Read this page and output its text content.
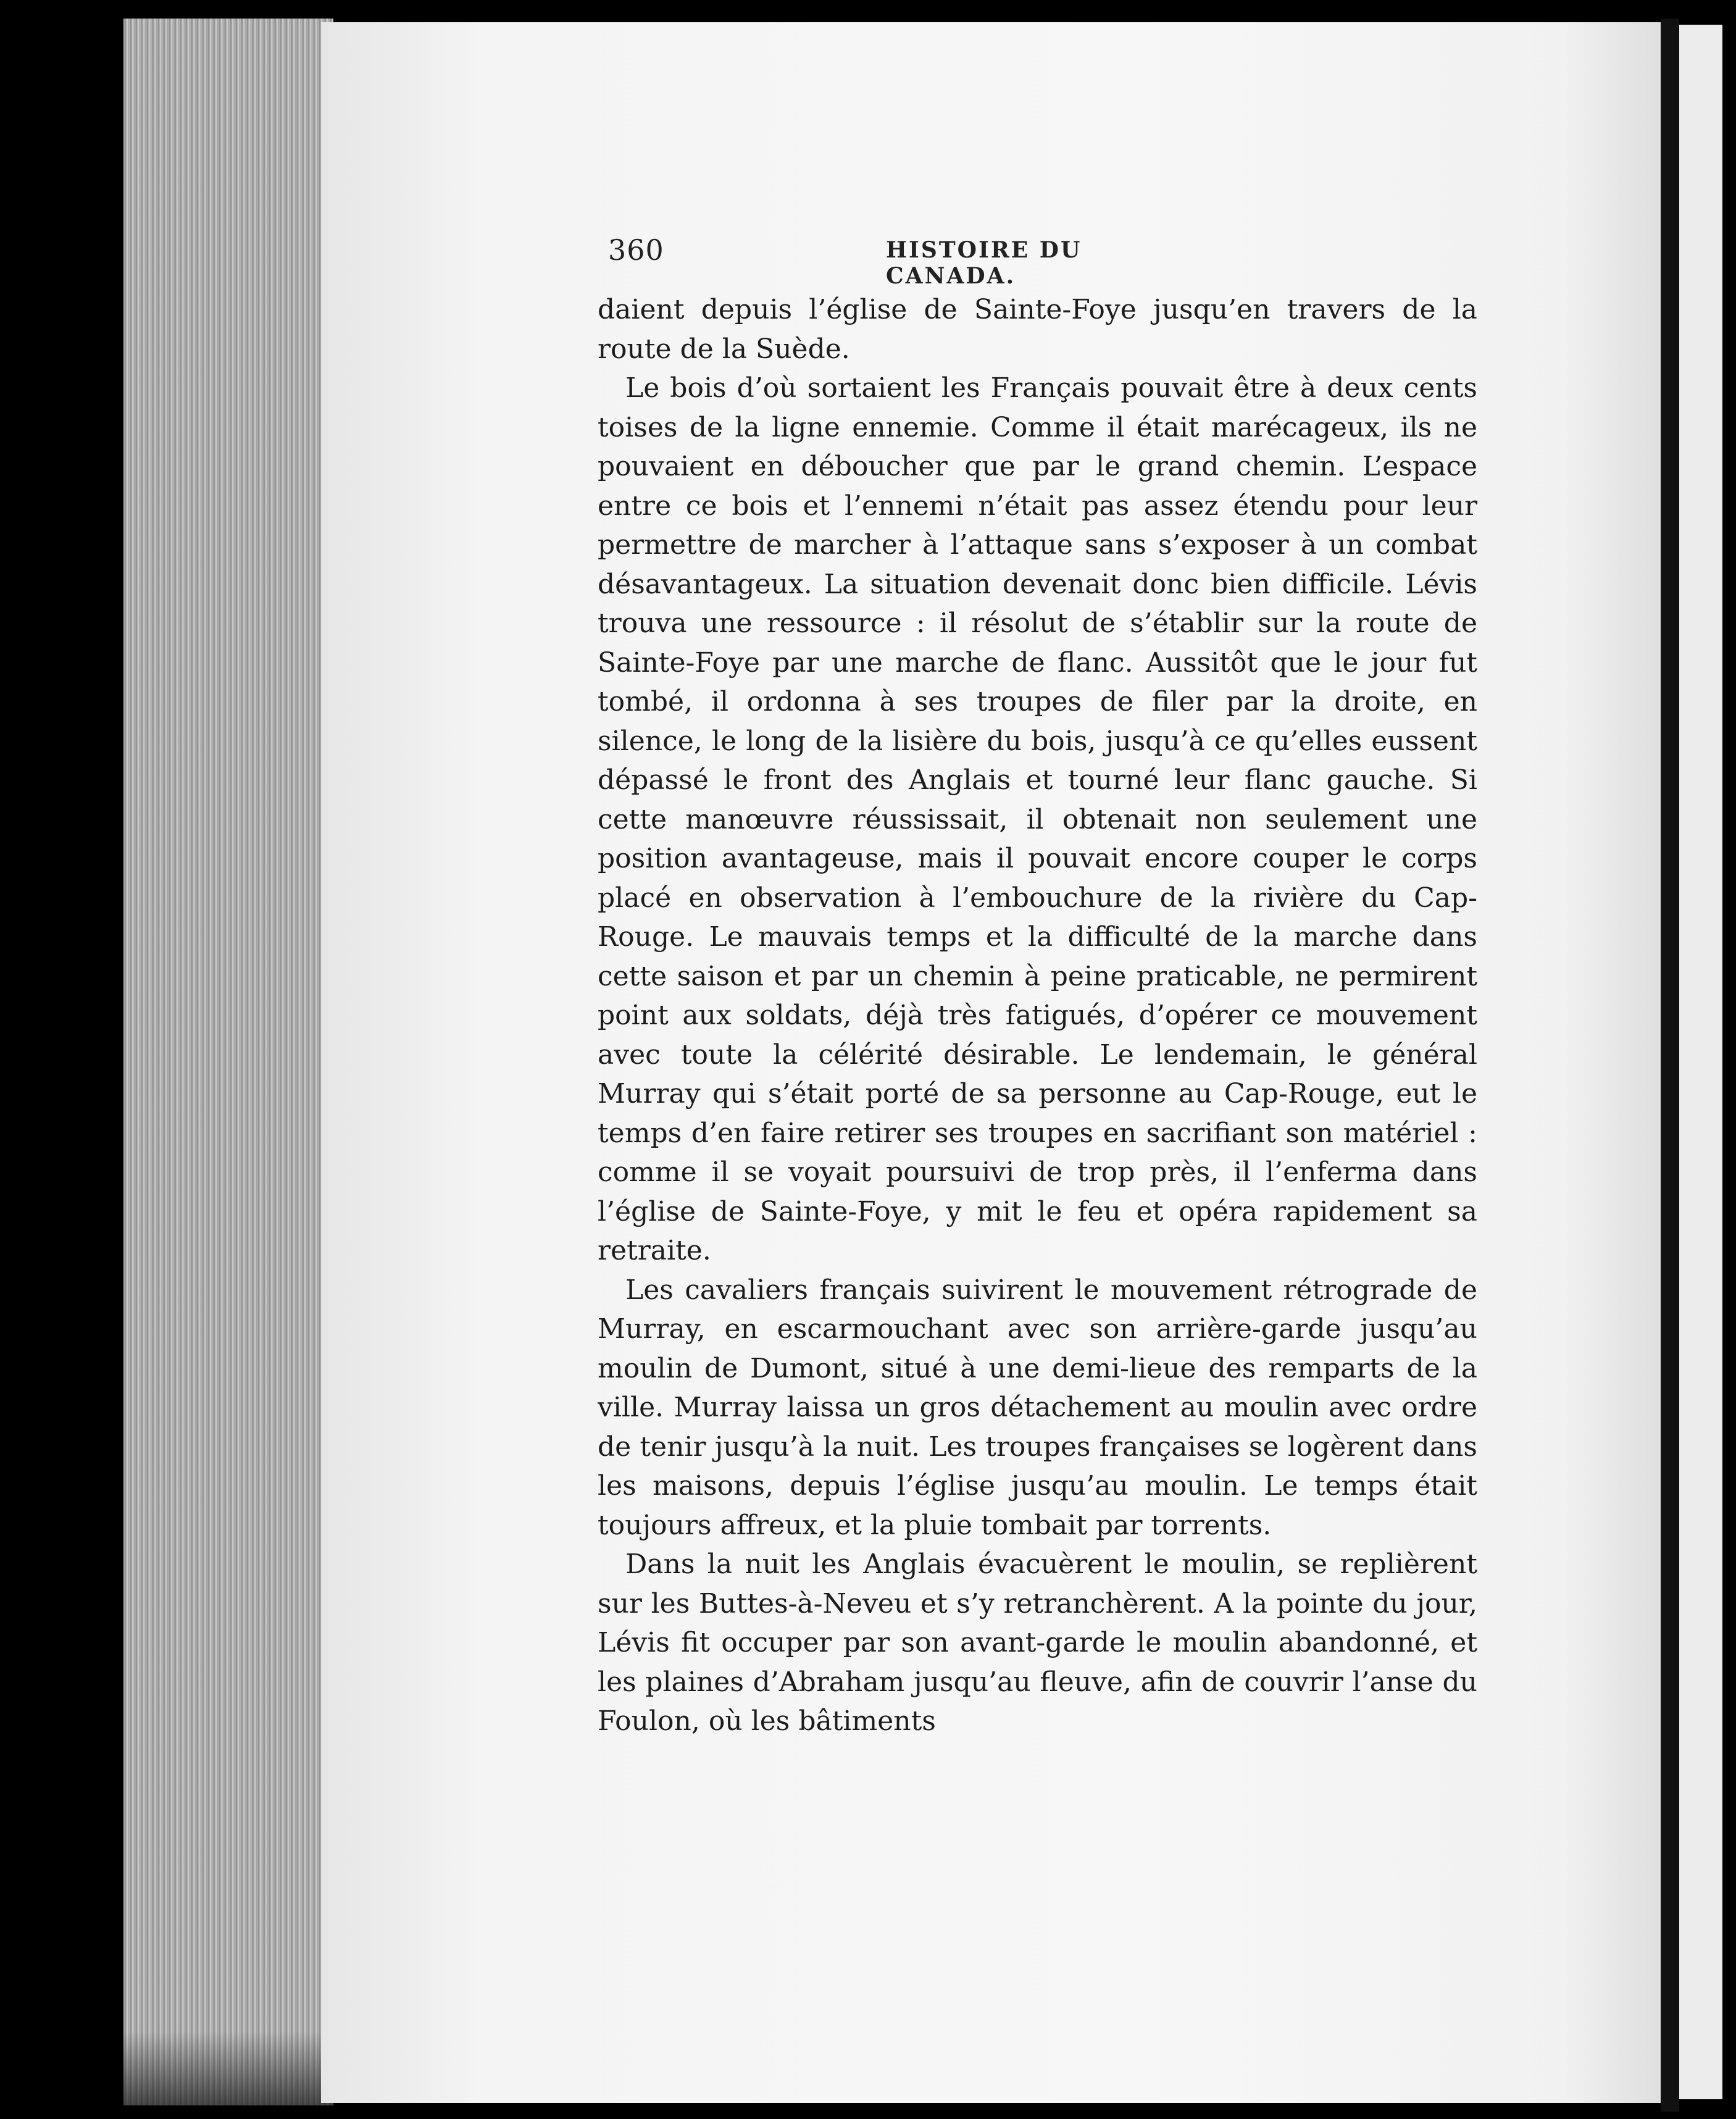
360	HISTOIRE DU CANADA.

daient depuis l’église de Sainte-Foye jusqu’en travers de la route de la Suède.

Le bois d’où sortaient les Français pouvait être à deux cents toises de la ligne ennemie. Comme il était marécageux, ils ne pouvaient en déboucher que par le grand chemin. L’espace entre ce bois et l’ennemi n’était pas assez étendu pour leur permettre de marcher à l’attaque sans s’exposer à un combat désavantageux. La situation devenait donc bien difficile. Lévis trouva une ressource : il résolut de s’établir sur la route de Sainte-Foye par une marche de flanc. Aussitôt que le jour fut tombé, il ordonna à ses troupes de filer par la droite, en silence, le long de la lisière du bois, jusqu’à ce qu’elles eussent dépassé le front des Anglais et tourné leur flanc gauche. Si cette manœuvre réussissait, il obtenait non seulement une position avantageuse, mais il pouvait encore couper le corps placé en observation à l’embouchure de la rivière du Cap-Rouge. Le mauvais temps et la difficulté de la marche dans cette saison et par un chemin à peine praticable, ne permirent point aux soldats, déjà très fatigués, d’opérer ce mouvement avec toute la célérité désirable. Le lendemain, le général Murray qui s’était porté de sa personne au Cap-Rouge, eut le temps d’en faire retirer ses troupes en sacrifiant son matériel : comme il se voyait poursuivi de trop près, il l’enferma dans l’église de Sainte-Foye, y mit le feu et opéra rapidement sa retraite.

Les cavaliers français suivirent le mouvement rétrograde de Murray, en escarmouchant avec son arrière-garde jusqu’au moulin de Dumont, situé à une demi-lieue des remparts de la ville. Murray laissa un gros détachement au moulin avec ordre de tenir jusqu’à la nuit. Les troupes françaises se logèrent dans les maisons, depuis l’église jusqu’au moulin. Le temps était toujours affreux, et la pluie tombait par torrents.

Dans la nuit les Anglais évacuèrent le moulin, se replièrent sur les Buttes-à-Neveu et s’y retranchèrent. A la pointe du jour, Lévis fit occuper par son avant-garde le moulin abandonné, et les plaines d’Abraham jusqu’au fleuve, afin de couvrir l’anse du Foulon, où les bâtiments
